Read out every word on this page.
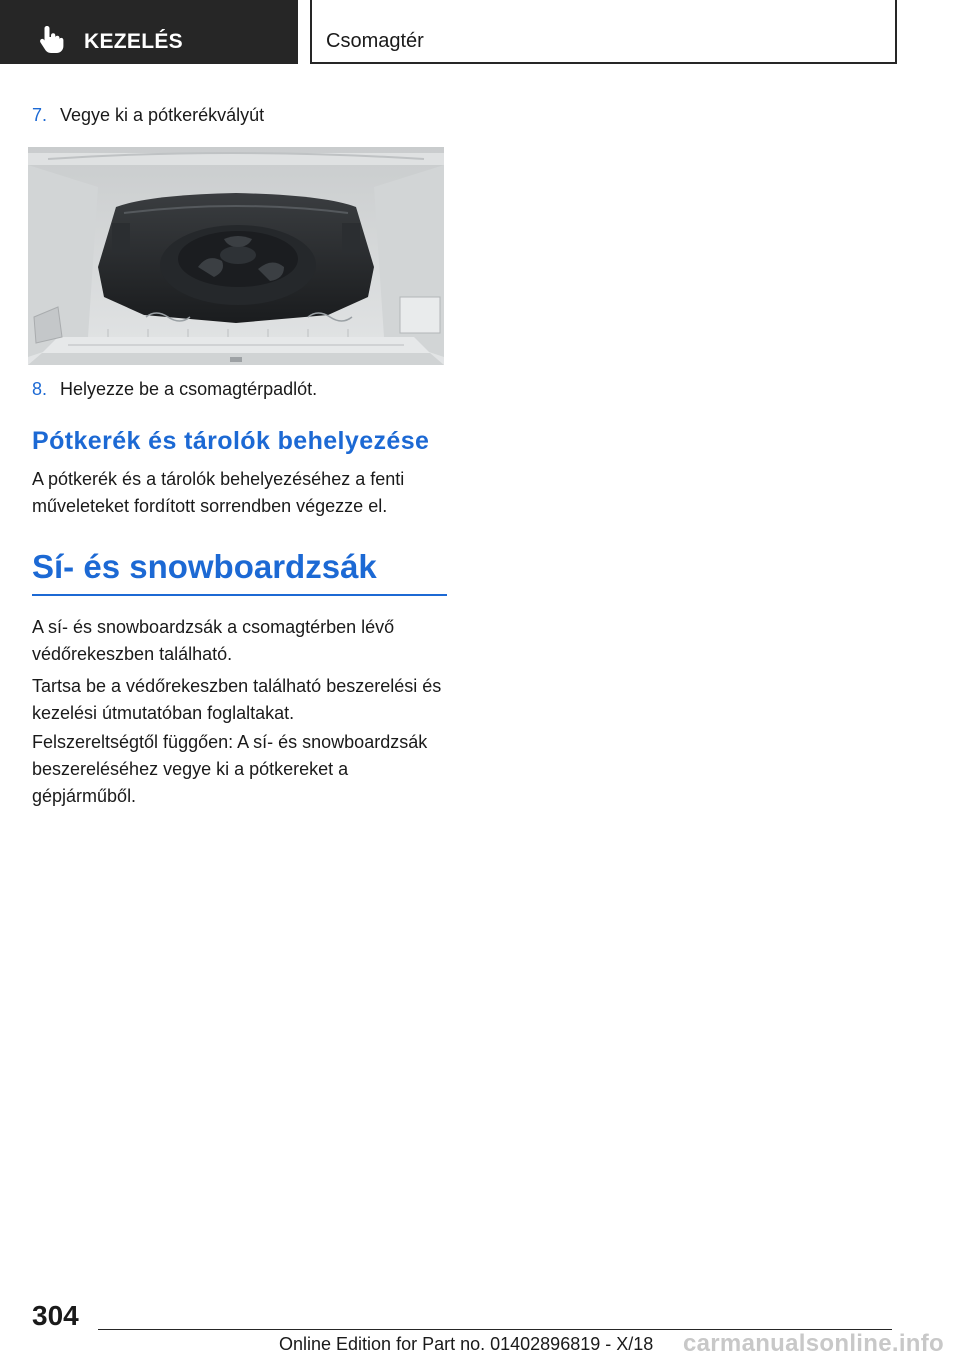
KEZELÉS	Csomagtér
7. Vegye ki a pótkerékvályút
8. Helyezze be a csomagtérpadlót.
Pótkerék és tárolók behelyezése

A pótkerék és a tárolók behelyezéséhez a fenti műveleteket fordított sorrendben végezze el.

Sí- és snowboardzsák

A sí- és snowboardzsák a csomagtérben lévő védőrekeszben található.

Tartsa be a védőrekeszben található beszerelési és kezelési útmutatóban foglaltakat.

Felszereltségtől függően: A sí- és snowboardzsák beszereléséhez vegye ki a pótkereket a gépjárműből.

304
Online Edition for Part no. 01402896819 - X/18 carmanualsonline.info
